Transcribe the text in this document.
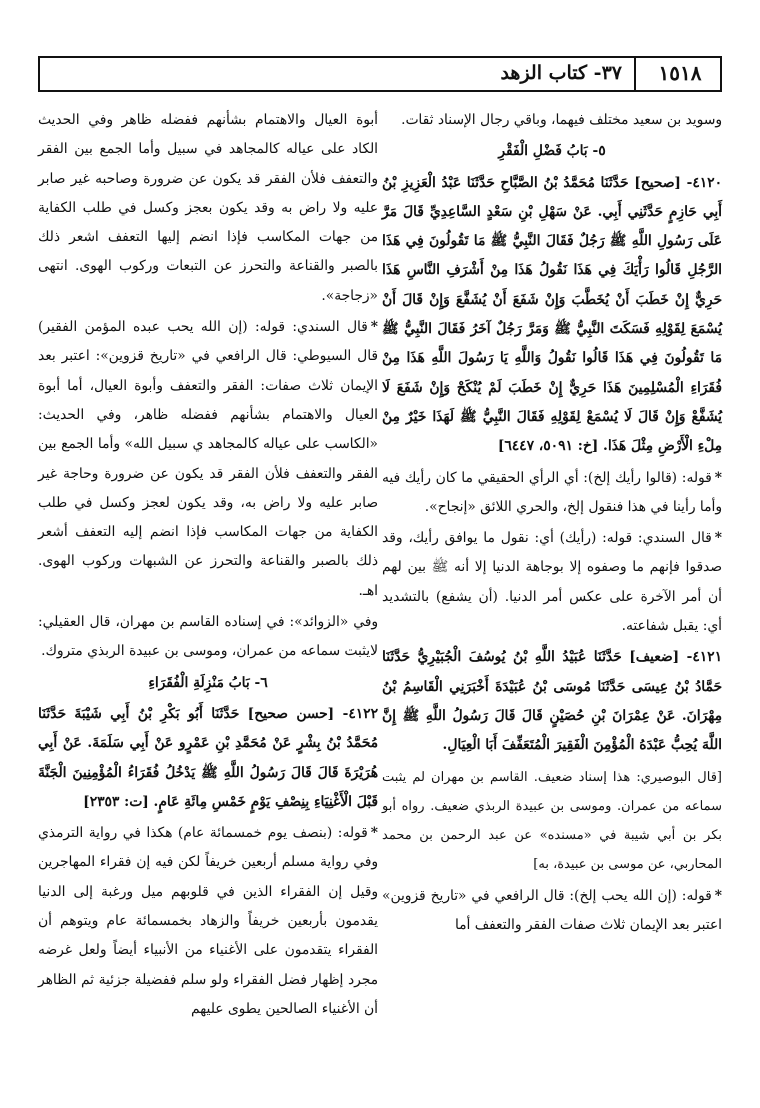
١٥١٨
٣٧- كتاب الزهد

وسويد بن سعيد مختلف فيهما، وباقي رجال الإسناد ثقات.

٥- بَابُ فَضْلِ الْفَقْرِ

٤١٢٠- [صحيح] حَدَّثَنَا مُحَمَّدُ بْنُ الصَّبَّاحِ حَدَّثَنَا عَبْدُ الْعَزِيزِ بْنُ أَبِي حَازِمٍ حَدَّثَنِي أَبِي. عَنْ سَهْلِ بْنِ سَعْدٍ السَّاعِدِيِّ قَالَ مَرَّ عَلَى رَسُولِ اللَّهِ ﷺ رَجُلٌ فَقَالَ النَّبِيُّ ﷺ مَا تَقُولُونَ فِي هَذَا الرَّجُلِ قَالُوا رَأْيَكَ فِي هَذَا نَقُولُ هَذَا مِنْ أَشْرَفِ النَّاسِ هَذَا حَرِيٌّ إِنْ خَطَبَ أَنْ يُخَطَّبَ وَإِنْ شَفَعَ أَنْ يُشَفَّعَ وَإِنْ قَالَ أَنْ يُسْمَعَ لِقَوْلِهِ فَسَكَتَ النَّبِيُّ ﷺ وَمَرَّ رَجُلٌ آخَرُ فَقَالَ النَّبِيُّ ﷺ مَا تَقُولُونَ فِي هَذَا قَالُوا نَقُولُ وَاللَّهِ يَا رَسُولَ اللَّهِ هَذَا مِنْ فُقَرَاءِ الْمُسْلِمِينَ هَذَا حَرِيٌّ إِنْ خَطَبَ لَمْ يُنْكَحْ وَإِنْ شَفَعَ لَا يُشَفَّعْ وَإِنْ قَالَ لَا يُسْمَعْ لِقَوْلِهِ فَقَالَ النَّبِيُّ ﷺ لَهَذَا خَيْرٌ مِنْ مِلْءِ الْأَرْضِ مِثْلَ هَذَا. [خ: ٥٠٩١، ٦٤٤٧]

*قوله: (قالوا رأيك إلخ): أي الرأي الحقيقي ما كان رأيك فيه وأما رأينا في هذا فنقول إلخ، والحري اللائق «إنجاح».

*قال السندي: قوله: (رأيك) أي: نقول ما يوافق رأيك، وقد صدقوا فإنهم ما وصفوه إلا بوجاهة الدنيا إلا أنه ﷺ بين لهم أن أمر الآخرة على عكس أمر الدنيا. (أن يشفع) بالتشديد أي: يقبل شفاعته.

٤١٢١- [ضعيف] حَدَّثَنَا عُبَيْدُ اللَّهِ بْنُ يُوسُفَ الْجُبَيْرِيُّ حَدَّثَنَا حَمَّادُ بْنُ عِيسَى حَدَّثَنَا مُوسَى بْنُ عُبَيْدَةَ أَخْبَرَنِي الْقَاسِمُ بْنُ مِهْرَانَ. عَنْ عِمْرَانَ بْنِ حُصَيْنٍ قَالَ قَالَ رَسُولُ اللَّهِ ﷺ إِنَّ اللَّهَ يُحِبُّ عَبْدَهُ الْمُؤْمِنَ الْفَقِيرَ الْمُتَعَفِّفَ أَبَا الْعِيَالِ.

[قال البوصيري: هذا إسناد ضعيف. القاسم بن مهران لم يثبت سماعه من عمران. وموسى بن عبيدة الربذي ضعيف. رواه أبو بكر بن أبي شيبة في «مسنده» عن عبد الرحمن بن محمد المحاربي، عن موسى بن عبيدة، به]

*قوله: (إن الله يحب إلخ): قال الرافعي في «تاريخ قزوين» اعتبر بعد الإيمان ثلاث صفات الفقر والتعفف أما

أبوة العيال والاهتمام بشأنهم ففضله ظاهر وفي الحديث الكاد على عياله كالمجاهد في سبيل وأما الجمع بين الفقر والتعفف فلأن الفقر قد يكون عن ضرورة وصاحبه غير صابر عليه ولا راض به وقد يكون بعجز وكسل في طلب الكفاية من جهات المكاسب فإذا انضم إليها التعفف اشعر ذلك بالصبر والقناعة والتحرز عن التبعات وركوب الهوى. انتهى «زجاجة».

*قال السندي: قوله: (إن الله يحب عبده المؤمن الفقير) قال السيوطي: قال الرافعي في «تاريخ قزوين»: اعتبر بعد الإيمان ثلاث صفات: الفقر والتعفف وأبوة العيال، أما أبوة العيال والاهتمام بشأنهم ففضله ظاهر، وفي الحديث: «الكاسب على عياله كالمجاهد ي سبيل الله» وأما الجمع بين الفقر والتعفف فلأن الفقر قد يكون عن ضرورة وحاجة غير صابر عليه ولا راض به، وقد يكون لعجز وكسل في طلب الكفاية من جهات المكاسب فإذا انضم إليه التعفف أشعر ذلك بالصبر والقناعة والتحرز عن الشبهات وركوب الهوى. اهـ.

وفي «الزوائد»: في إسناده القاسم بن مهران، قال العقيلي: لايثبت سماعه من عمران، وموسى بن عبيدة الربذي متروك.

٦- بَابُ مَنْزِلَةِ الْفُقَرَاءِ

٤١٢٢- [حسن صحيح] حَدَّثَنَا أَبُو بَكْرِ بْنُ أَبِي شَيْبَةَ حَدَّثَنَا مُحَمَّدُ بْنُ بِشْرٍ عَنْ مُحَمَّدِ بْنِ عَمْرٍو عَنْ أَبِي سَلَمَةَ. عَنْ أَبِي هُرَيْرَةَ قَالَ قَالَ رَسُولُ اللَّهِ ﷺ يَدْخُلُ فُقَرَاءُ الْمُؤْمِنِينَ الْجَنَّةَ قَبْلَ الْأَغْنِيَاءِ بِنِصْفِ يَوْمٍ خَمْسِ مِائَةِ عَامٍ. [ت: ٢٣٥٣]

*قوله: (بنصف يوم خمسمائة عام) هكذا في رواية الترمذي وفي رواية مسلم أربعين خريفاً لكن فيه إن فقراء المهاجرين وقيل إن الفقراء الذين في قلوبهم ميل ورغبة إلى الدنيا يقدمون بأربعين خريفاً والزهاد بخمسمائة عام ويتوهم أن الفقراء يتقدمون على الأغنياء من الأنبياء أيضاً ولعل غرضه مجرد إظهار فضل الفقراء ولو سلم ففضيلة جزئية ثم الظاهر أن الأغنياء الصالحين يطوى عليهم
